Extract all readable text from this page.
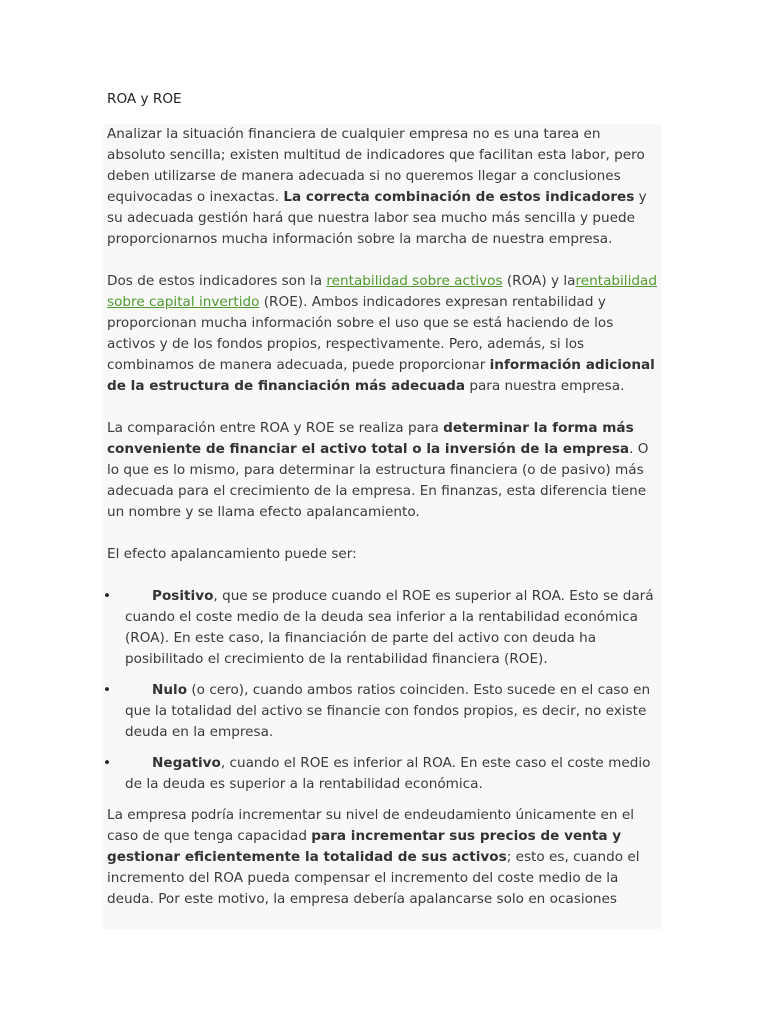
ROA y ROE

Analizar la situación financiera de cualquier empresa no es una tarea en absoluto sencilla; existen multitud de indicadores que facilitan esta labor, pero deben utilizarse de manera adecuada si no queremos llegar a conclusiones equivocadas o inexactas. La correcta combinación de estos indicadores y su adecuada gestión hará que nuestra labor sea mucho más sencilla y puede proporcionarnos mucha información sobre la marcha de nuestra empresa.

Dos de estos indicadores son la rentabilidad sobre activos (ROA) y larentabilidad sobre capital invertido (ROE). Ambos indicadores expresan rentabilidad y proporcionan mucha información sobre el uso que se está haciendo de los activos y de los fondos propios, respectivamente. Pero, además, si los combinamos de manera adecuada, puede proporcionar información adicional de la estructura de financiación más adecuada para nuestra empresa.

La comparación entre ROA y ROE se realiza para determinar la forma más conveniente de financiar el activo total o la inversión de la empresa. O lo que es lo mismo, para determinar la estructura financiera (o de pasivo) más adecuada para el crecimiento de la empresa. En finanzas, esta diferencia tiene un nombre y se llama efecto apalancamiento.

El efecto apalancamiento puede ser:

•	Positivo, que se produce cuando el ROE es superior al ROA. Esto se dará cuando el coste medio de la deuda sea inferior a la rentabilidad económica (ROA). En este caso, la financiación de parte del activo con deuda ha posibilitado el crecimiento de la rentabilidad financiera (ROE).
•	Nulo (o cero), cuando ambos ratios coinciden. Esto sucede en el caso en que la totalidad del activo se financie con fondos propios, es decir, no existe deuda en la empresa.
•	Negativo, cuando el ROE es inferior al ROA. En este caso el coste medio de la deuda es superior a la rentabilidad económica.

La empresa podría incrementar su nivel de endeudamiento únicamente en el caso de que tenga capacidad para incrementar sus precios de venta y gestionar eficientemente la totalidad de sus activos; esto es, cuando el incremento del ROA pueda compensar el incremento del coste medio de la deuda. Por este motivo, la empresa debería apalancarse solo en ocasiones
